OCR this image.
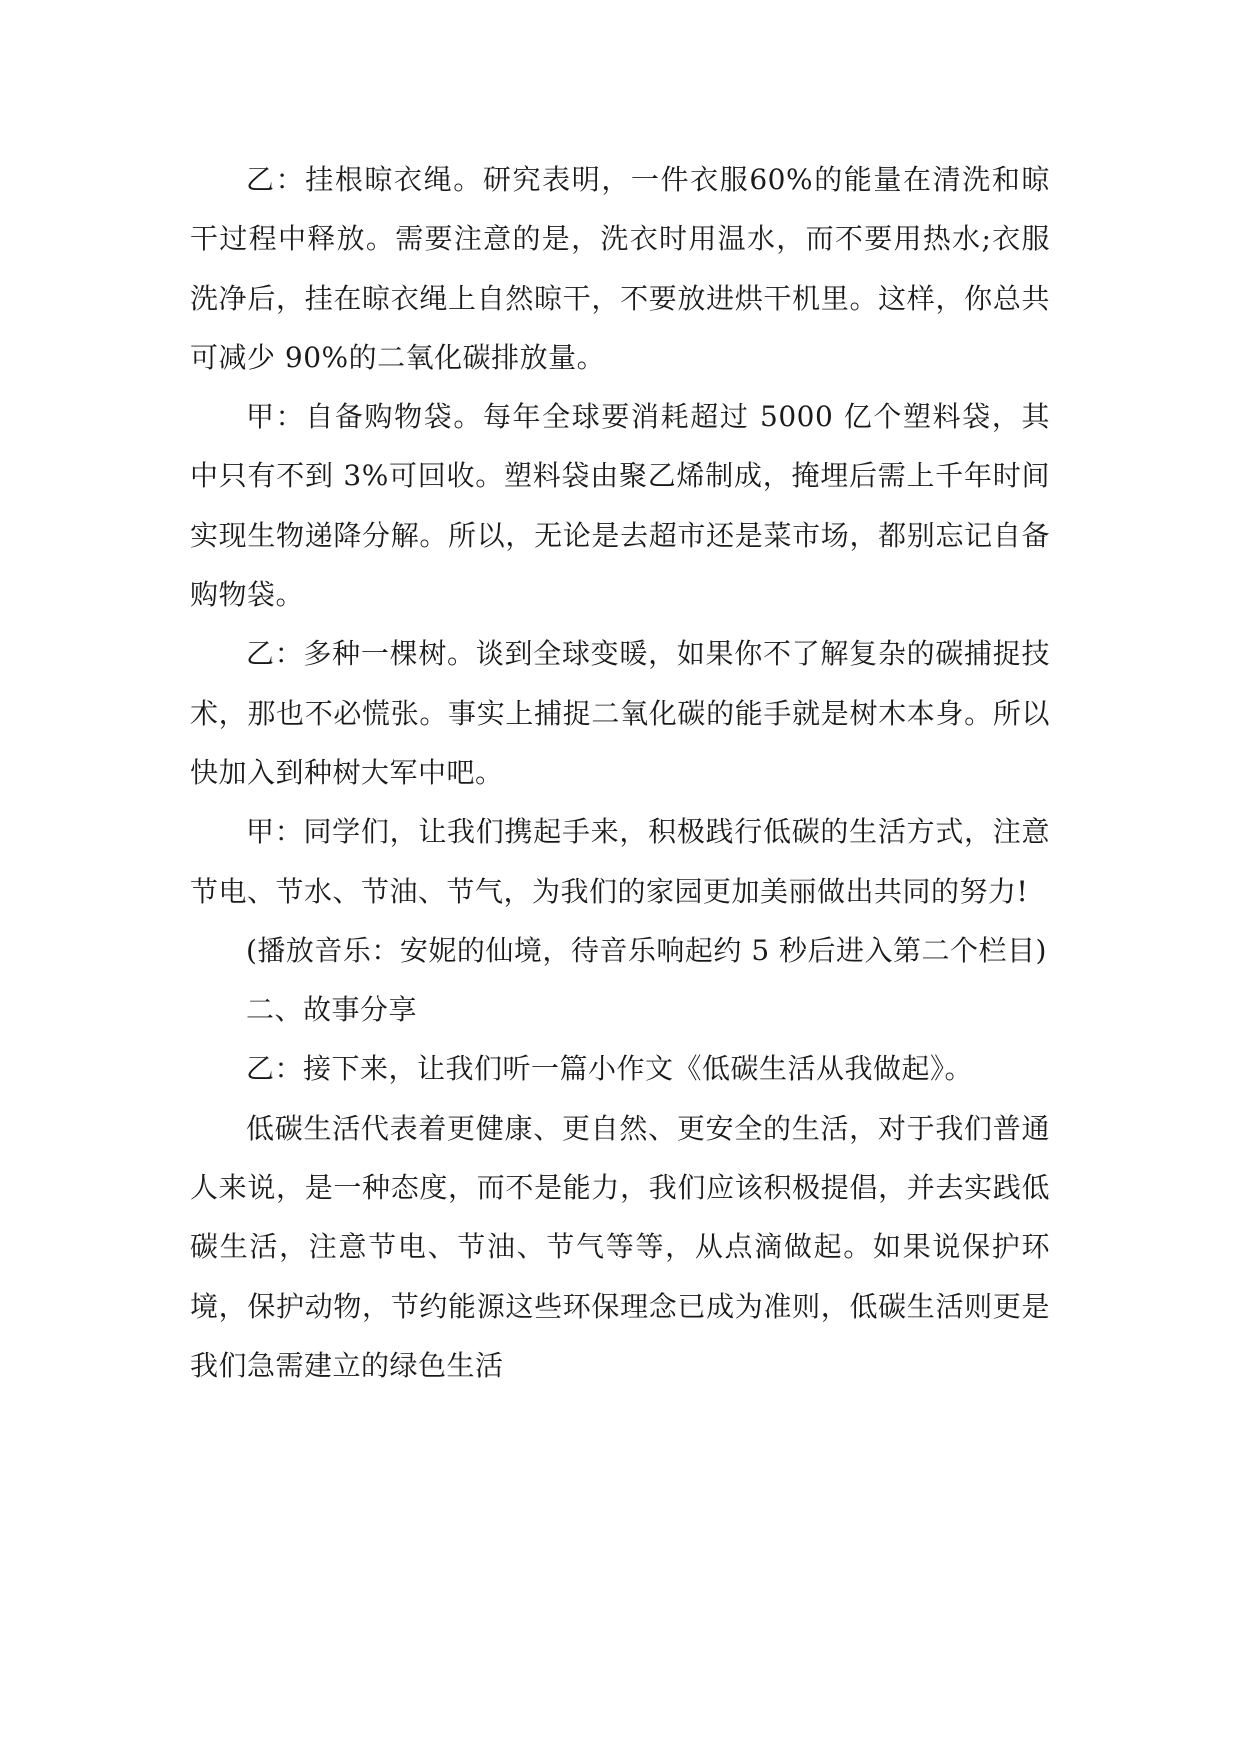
乙：挂根晾衣绳。研究表明，一件衣服60%的能量在清洗和晾干过程中释放。需要注意的是，洗衣时用温水，而不要用热水;衣服洗净后，挂在晾衣绳上自然晾干，不要放进烘干机里。这样，你总共可减少 90%的二氧化碳排放量。

甲：自备购物袋。每年全球要消耗超过 5000 亿个塑料袋，其中只有不到 3%可回收。塑料袋由聚乙烯制成，掩埋后需上千年时间实现生物递降分解。所以，无论是去超市还是菜市场，都别忘记自备购物袋。

乙：多种一棵树。谈到全球变暖，如果你不了解复杂的碳捕捉技术，那也不必慌张。事实上捕捉二氧化碳的能手就是树木本身。所以快加入到种树大军中吧。

甲：同学们，让我们携起手来，积极践行低碳的生活方式，注意节电、节水、节油、节气，为我们的家园更加美丽做出共同的努力!

(播放音乐：安妮的仙境，待音乐响起约 5 秒后进入第二个栏目)

二、故事分享

乙：接下来，让我们听一篇小作文《低碳生活从我做起》。

低碳生活代表着更健康、更自然、更安全的生活，对于我们普通人来说，是一种态度，而不是能力，我们应该积极提倡，并去实践低碳生活，注意节电、节油、节气等等，从点滴做起。如果说保护环境，保护动物，节约能源这些环保理念已成为准则，低碳生活则更是我们急需建立的绿色生活
